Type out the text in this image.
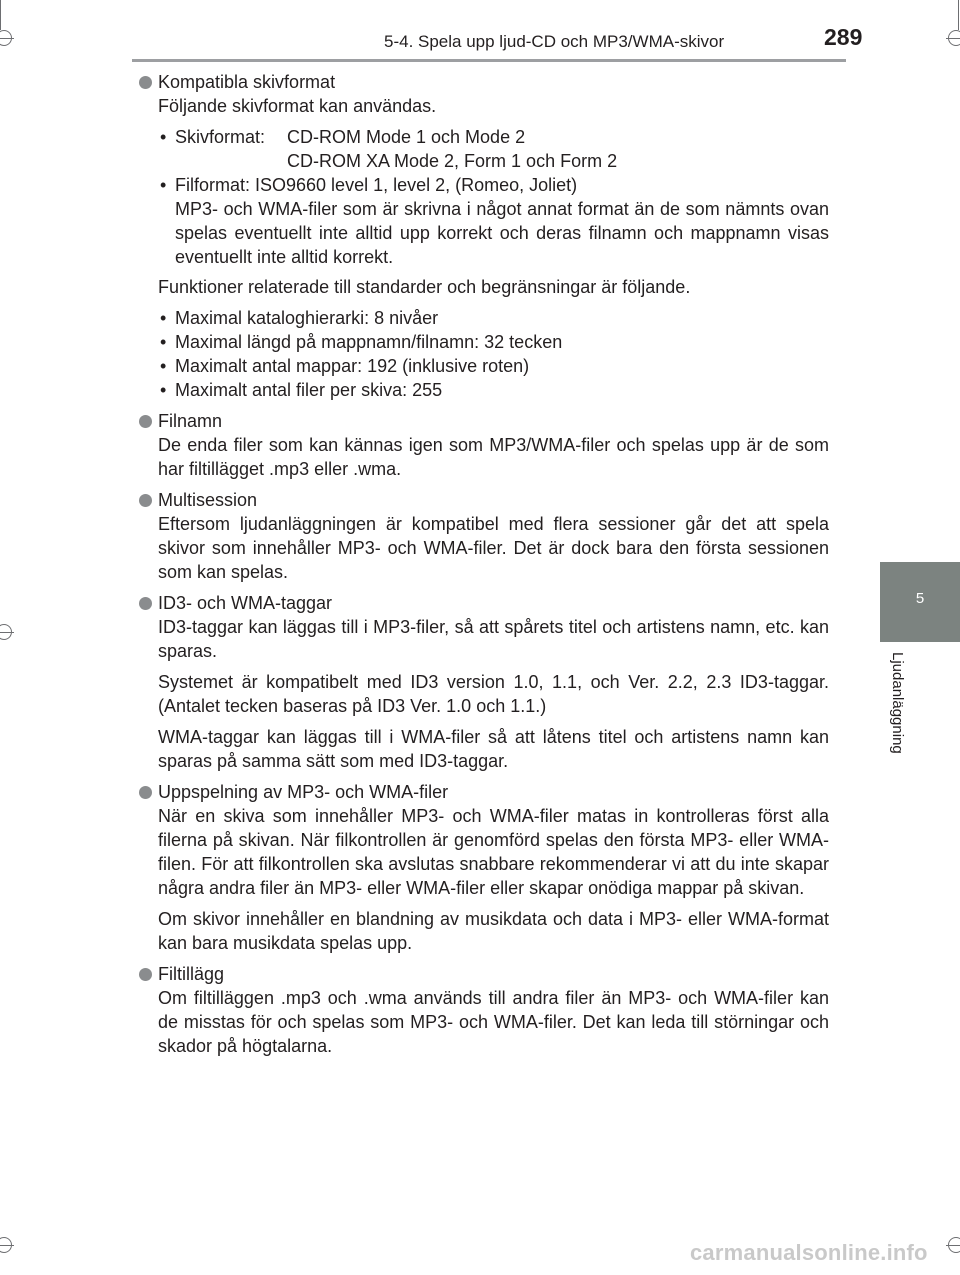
5-4. Spela upp ljud-CD och MP3/WMA-skivor	289
5
Ljudanläggning
Kompatibla skivformat
Följande skivformat kan användas.
• Skivformat:	CD-ROM Mode 1 och Mode 2
CD-ROM XA Mode 2, Form 1 och Form 2
• Filformat: ISO9660 level 1, level 2, (Romeo, Joliet)
MP3- och WMA-filer som är skrivna i något annat format än de som nämnts ovan spelas eventuellt inte alltid upp korrekt och deras filnamn och mappnamn visas eventuellt inte alltid korrekt.
Funktioner relaterade till standarder och begränsningar är följande.
• Maximal kataloghierarki: 8 nivåer
• Maximal längd på mappnamn/filnamn: 32 tecken
• Maximalt antal mappar: 192 (inklusive roten)
• Maximalt antal filer per skiva: 255
Filnamn
De enda filer som kan kännas igen som MP3/WMA-filer och spelas upp är de som har filtillägget .mp3 eller .wma.
Multisession
Eftersom ljudanläggningen är kompatibel med flera sessioner går det att spela skivor som innehåller MP3- och WMA-filer. Det är dock bara den första sessionen som kan spelas.
ID3- och WMA-taggar
ID3-taggar kan läggas till i MP3-filer, så att spårets titel och artistens namn, etc. kan sparas.
Systemet är kompatibelt med ID3 version 1.0, 1.1, och Ver. 2.2, 2.3 ID3-taggar. (Antalet tecken baseras på ID3 Ver. 1.0 och 1.1.)
WMA-taggar kan läggas till i WMA-filer så att låtens titel och artistens namn kan sparas på samma sätt som med ID3-taggar.
Uppspelning av MP3- och WMA-filer
När en skiva som innehåller MP3- och WMA-filer matas in kontrolleras först alla filerna på skivan. När filkontrollen är genomförd spelas den första MP3- eller WMA-filen. För att filkontrollen ska avslutas snabbare rekommenderar vi att du inte skapar några andra filer än MP3- eller WMA-filer eller skapar onödiga mappar på skivan.
Om skivor innehåller en blandning av musikdata och data i MP3- eller WMA-format kan bara musikdata spelas upp.
Filtillägg
Om filtilläggen .mp3 och .wma används till andra filer än MP3- och WMA-filer kan de misstas för och spelas som MP3- och WMA-filer. Det kan leda till störningar och skador på högtalarna.
carmanualsonline.info
